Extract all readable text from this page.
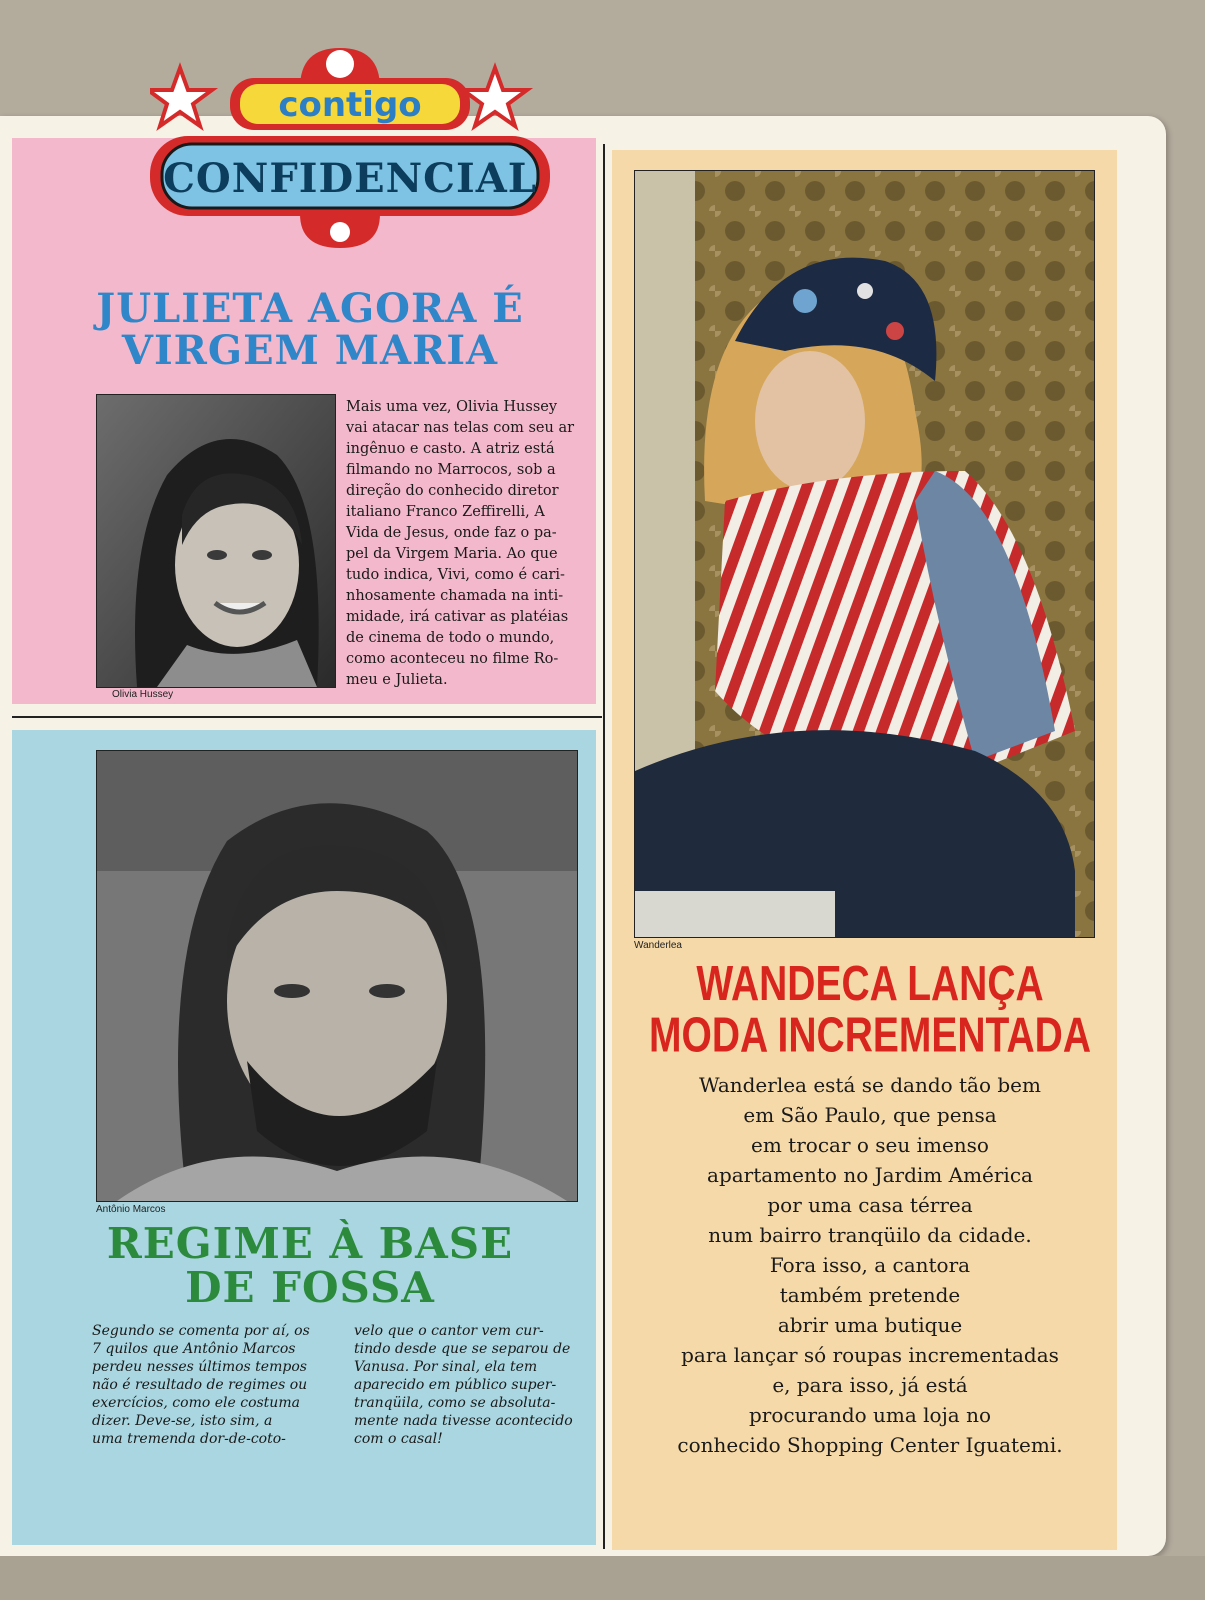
contigo
CONFIDENCIAL
JULIETA AGORA É
VIRGEM MARIA
Olivia Hussey
Mais uma vez, Olivia Hussey
vai atacar nas telas com seu ar
ingênuo e casto. A atriz está
filmando no Marrocos, sob a
direção do conhecido diretor
italiano Franco Zeffirelli, A
Vida de Jesus, onde faz o pa-
pel da Virgem Maria. Ao que
tudo indica, Vivi, como é cari-
nhosamente chamada na inti-
midade, irá cativar as platéias
de cinema de todo o mundo,
como aconteceu no filme Ro-
meu e Julieta.
Antônio Marcos
REGIME À BASE
DE FOSSA
Segundo se comenta por aí, os
7 quilos que Antônio Marcos
perdeu nesses últimos tempos
não é resultado de regimes ou
exercícios, como ele costuma
dizer. Deve-se, isto sim, a
uma tremenda dor-de-coto-
velo que o cantor vem cur-
tindo desde que se separou de
Vanusa. Por sinal, ela tem
aparecido em público super-
tranqüila, como se absoluta-
mente nada tivesse acontecido
com o casal!
Wanderlea
WANDECA LANÇA
MODA INCREMENTADA
Wanderlea está se dando tão bem
em São Paulo, que pensa
em trocar o seu imenso
apartamento no Jardim América
por uma casa térrea
num bairro tranqüilo da cidade.
Fora isso, a cantora
também pretende
abrir uma butique
para lançar só roupas incrementadas
e, para isso, já está
procurando uma loja no
conhecido Shopping Center Iguatemi.
